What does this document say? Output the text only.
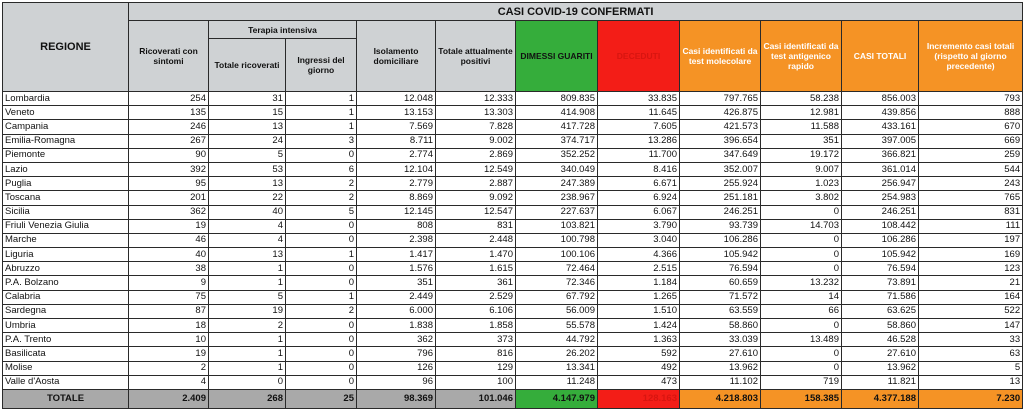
REGIONE	CASI COVID-19 CONFERMATI										
	Ricoverati con sintomi	Terapia intensiva		Isolamento domiciliare	Totale attualmente positivi	DIMESSI GUARITI	DECEDUTI	Casi identificati da test molecolare	Casi identificati da test antigenico rapido	CASI TOTALI	Incremento casi totali (rispetto al giorno precedente)
		Totale ricoverati	Ingressi del giorno								
Lombardia	254	31	1	12.048	12.333	809.835	33.835	797.765	58.238	856.003	793
Veneto	135	15	1	13.153	13.303	414.908	11.645	426.875	12.981	439.856	888
Campania	246	13	1	7.569	7.828	417.728	7.605	421.573	11.588	433.161	670
Emilia-Romagna	267	24	3	8.711	9.002	374.717	13.286	396.654	351	397.005	669
Piemonte	90	5	0	2.774	2.869	352.252	11.700	347.649	19.172	366.821	259
Lazio	392	53	6	12.104	12.549	340.049	8.416	352.007	9.007	361.014	544
Puglia	95	13	2	2.779	2.887	247.389	6.671	255.924	1.023	256.947	243
Toscana	201	22	2	8.869	9.092	238.967	6.924	251.181	3.802	254.983	765
Sicilia	362	40	5	12.145	12.547	227.637	6.067	246.251	0	246.251	831
Friuli Venezia Giulia	19	4	0	808	831	103.821	3.790	93.739	14.703	108.442	111
Marche	46	4	0	2.398	2.448	100.798	3.040	106.286	0	106.286	197
Liguria	40	13	1	1.417	1.470	100.106	4.366	105.942	0	105.942	169
Abruzzo	38	1	0	1.576	1.615	72.464	2.515	76.594	0	76.594	123
P.A. Bolzano	9	1	0	351	361	72.346	1.184	60.659	13.232	73.891	21
Calabria	75	5	1	2.449	2.529	67.792	1.265	71.572	14	71.586	164
Sardegna	87	19	2	6.000	6.106	56.009	1.510	63.559	66	63.625	522
Umbria	18	2	0	1.838	1.858	55.578	1.424	58.860	0	58.860	147
P.A. Trento	10	1	0	362	373	44.792	1.363	33.039	13.489	46.528	33
Basilicata	19	1	0	796	816	26.202	592	27.610	0	27.610	63
Molise	2	1	0	126	129	13.341	492	13.962	0	13.962	5
Valle d'Aosta	4	0	0	96	100	11.248	473	11.102	719	11.821	13
TOTALE	2.409	268	25	98.369	101.046	4.147.979	128.163	4.218.803	158.385	4.377.188	7.230
